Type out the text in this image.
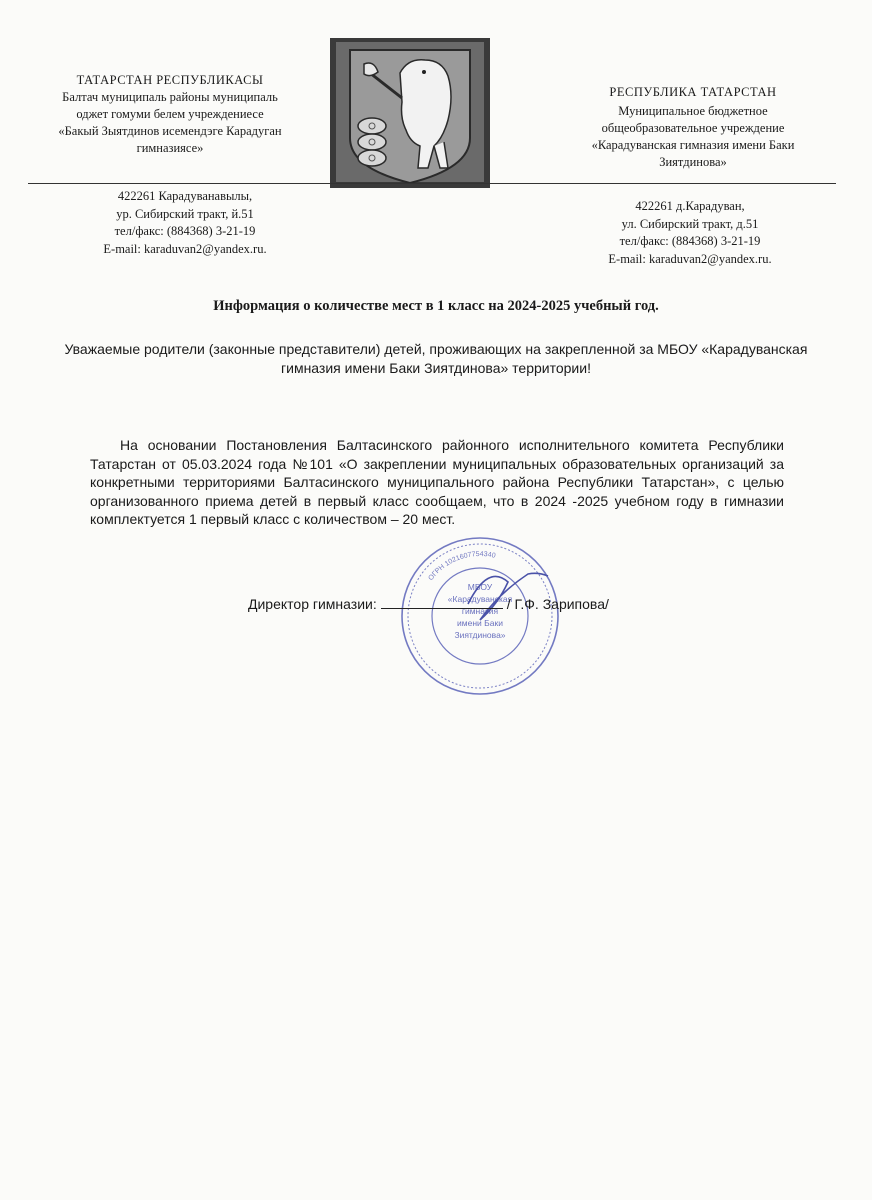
ТАТАРСТАН РЕСПУБЛИКАСЫ
Балтач муниципаль районы муниципаль
оджет гомуми белем учреждениесе
«Бакый Зыятдинов исемендэге Карадуган
гимназиясе»
РЕСПУБЛИКА ТАТАРСТАН
Муниципальное бюджетное
общеобразовательное учреждение
«Карадуванская гимназия имени Баки
Зиятдинова»
422261 Карадуванавылы,
ур. Сибирский тракт, й.51
тел/факс: (884368) 3-21-19
E-mail: karaduvan2@yandex.ru.
422261 д.Карадуван,
ул. Сибирский тракт, д.51
тел/факс: (884368) 3-21-19
E-mail: karaduvan2@yandex.ru.
Информация о количестве мест в 1 класс на 2024-2025 учебный год.
Уважаемые родители (законные представители) детей, проживающих на закрепленной за МБОУ «Карадуванская гимназия имени Баки Зиятдинова» территории!
На основании Постановления Балтасинского районного исполнительного комитета Республики Татарстан от 05.03.2024 года №101 «О закреплении муниципальных образовательных организаций за конкретными территориями Балтасинского муниципального района Республики Татарстан», с целью организованного приема детей в первый класс сообщаем, что в 2024 -2025 учебном году в гимназии комплектуется 1 первый класс с количеством – 20 мест.
ОГРН 1021607754340
МБОУ
«Карадуванская
гимназия
имени Баки
Зиятдинова»
Директор гимназии:	/ Г.Ф. Зарипова/
